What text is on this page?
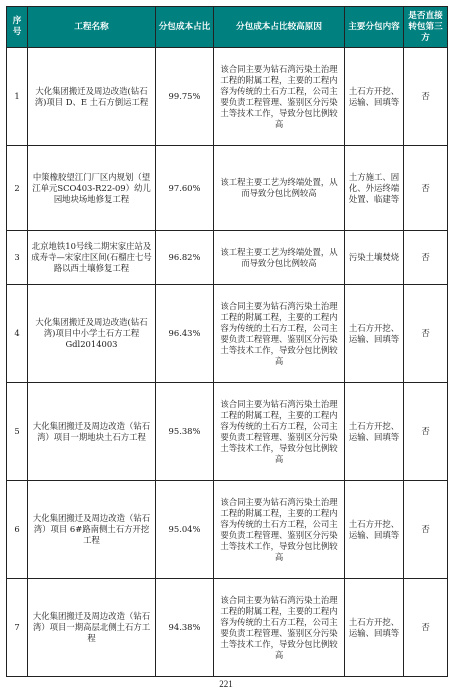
序号	工程名称	分包成本占比	分包成本占比较高原因	主要分包内容	是否直接转包第三方
1	大化集团搬迁及周边改造(钻石湾)项目 D、E 土石方倒运工程	99.75%	该合同主要为钻石湾污染土治理工程的附属工程，主要的工程内容为传统的土石方工程，公司主要负责工程管理、鉴别区分污染土等技术工作，导致分包比例较高	土石方开挖、运输、回填等	否
2	中策橡胶望江门厂区内规划（望江单元SCO403-R22-09）幼儿园地块场地修复工程	97.60%	该工程主要工艺为终端处置，从而导致分包比例较高	土方施工、固化、外运终端处置、临建等	否
3	北京地铁10号线二期宋家庄站及成寿寺—宋家庄区间(石榴庄七号路以西土壤修复工程	96.82%	该工程主要工艺为终端处置，从而导致分包比例较高	污染土壤焚烧	否
4	大化集团搬迁及周边改造(钻石湾)项目中小学土石方工程 Gdl2014003	96.43%	该合同主要为钻石湾污染土治理工程的附属工程，主要的工程内容为传统的土石方工程，公司主要负责工程管理、鉴别区分污染土等技术工作，导致分包比例较高	土石方开挖、运输、回填等	否
5	大化集团搬迁及周边改造（钻石湾）项目一期地块土石方工程	95.38%	该合同主要为钻石湾污染土治理工程的附属工程，主要的工程内容为传统的土石方工程，公司主要负责工程管理、鉴别区分污染土等技术工作，导致分包比例较高	土石方开挖、运输、回填等	否
6	大化集团搬迁及周边改造（钻石湾）项目 6#路南侧土石方开挖工程	95.04%	该合同主要为钻石湾污染土治理工程的附属工程，主要的工程内容为传统的土石方工程，公司主要负责工程管理、鉴别区分污染土等技术工作，导致分包比例较高	土石方开挖、运输、回填等	否
7	大化集团搬迁及周边改造（钻石湾）项目一期高层北侧土石方工程	94.38%	该合同主要为钻石湾污染土治理工程的附属工程，主要的工程内容为传统的土石方工程，公司主要负责工程管理、鉴别区分污染土等技术工作，导致分包比例较高	土石方开挖、运输、回填等	否
221
